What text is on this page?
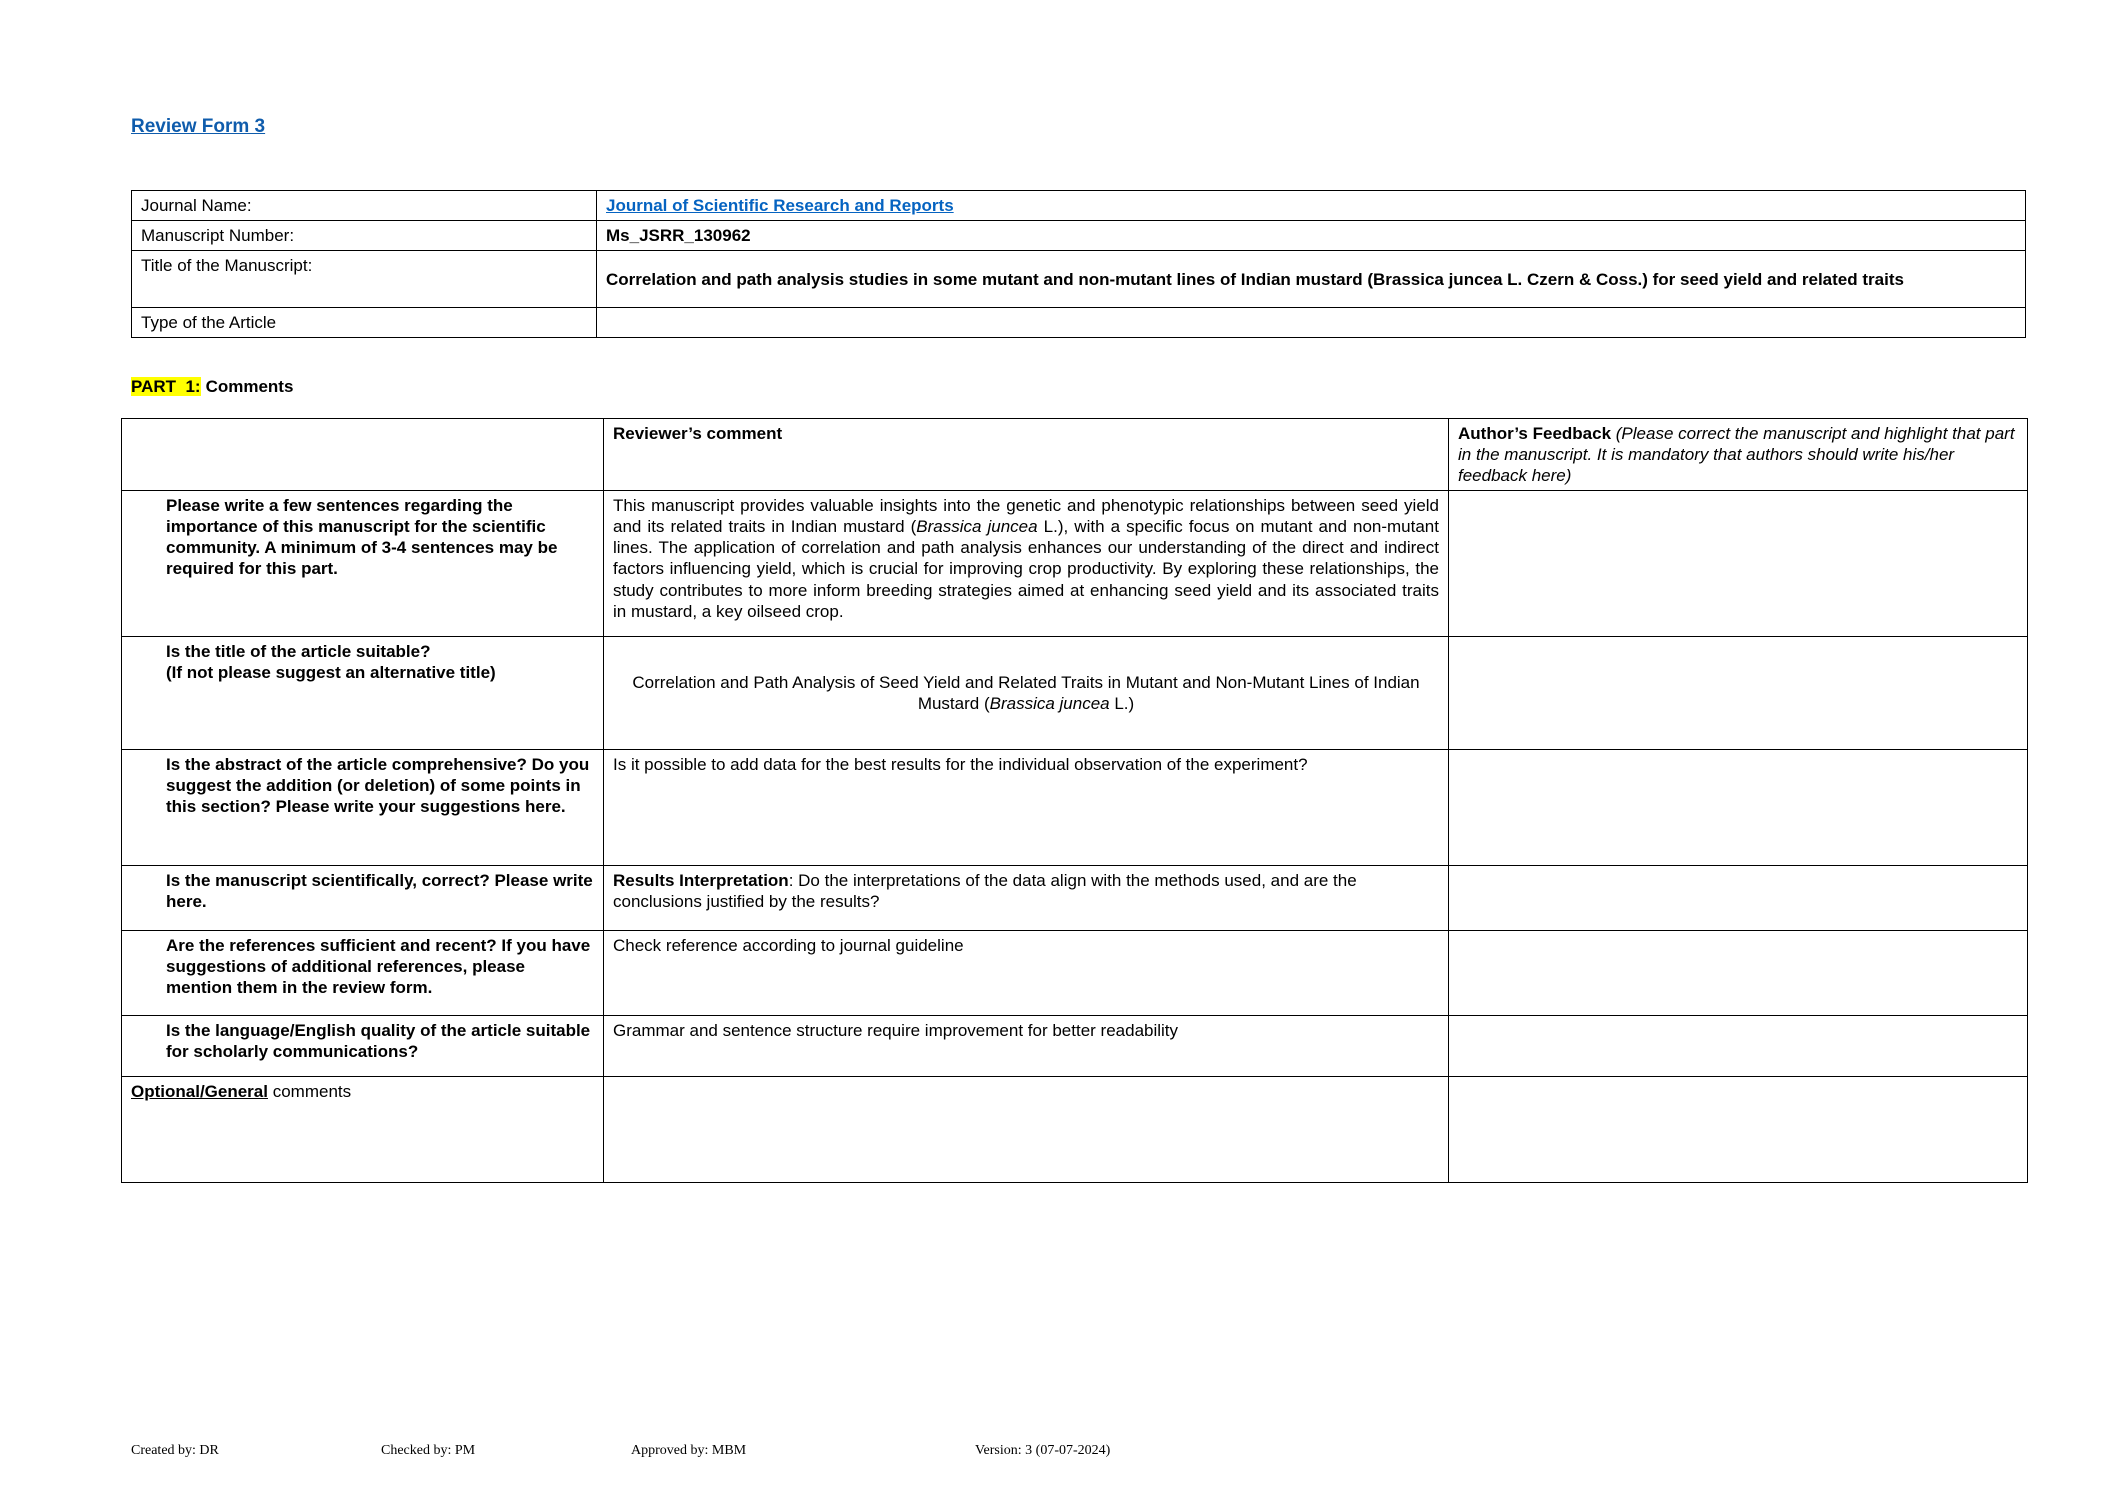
Review Form 3
Journal Name:	Journal of Scientific Research and Reports
Manuscript Number:	Ms_JSRR_130962
Title of the Manuscript:	Correlation and path analysis studies in some mutant and non-mutant lines of Indian mustard (Brassica juncea L. Czern & Coss.) for seed yield and related traits
Type of the Article	
PART  1: Comments
	Reviewer’s comment	Author’s Feedback (Please correct the manuscript and highlight that part in the manuscript. It is mandatory that authors should write his/her feedback here)
Please write a few sentences regarding the importance of this manuscript for the scientific community. A minimum of 3-4 sentences may be required for this part.	This manuscript provides valuable insights into the genetic and phenotypic relationships between seed yield and its related traits in Indian mustard (Brassica juncea L.), with a specific focus on mutant and non-mutant lines. The application of correlation and path analysis enhances our understanding of the direct and indirect factors influencing yield, which is crucial for improving crop productivity. By exploring these relationships, the study contributes to more inform breeding strategies aimed at enhancing seed yield and its associated traits in mustard, a key oilseed crop.	

Is the title of the article suitable?
(If not please suggest an alternative title)	Correlation and Path Analysis of Seed Yield and Related Traits in Mutant and Non-Mutant Lines of Indian Mustard (Brassica juncea L.)	
Is the abstract of the article comprehensive? Do you suggest the addition (or deletion) of some points in this section? Please write your suggestions here.	Is it possible to add data for the best results for the individual observation of the experiment?	
Is the manuscript scientifically, correct? Please write here.	Results Interpretation: Do the interpretations of the data align with the methods used, and are the conclusions justified by the results?	
Are the references sufficient and recent? If you have suggestions of additional references, please mention them in the review form.	Check reference according to journal guideline	
Is the language/English quality of the article suitable for scholarly communications?	Grammar and sentence structure require improvement for better readability	
Optional/General comments		
Created by: DR	Checked by: PM	Approved by: MBM	Version: 3 (07-07-2024)
